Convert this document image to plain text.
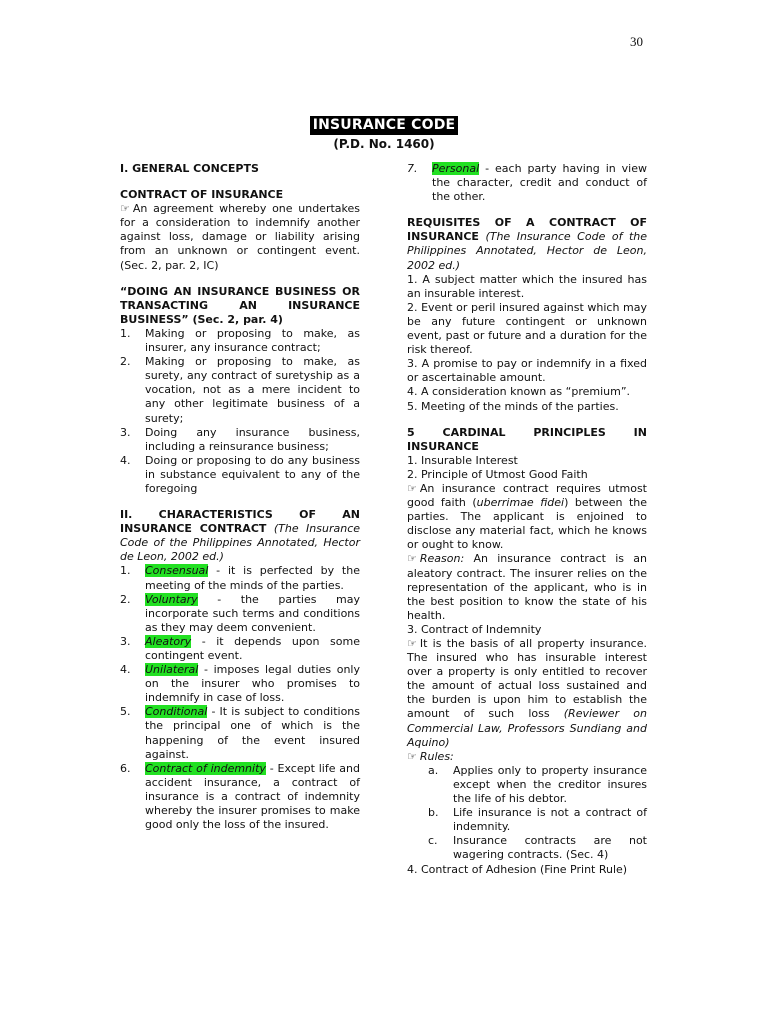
30
INSURANCE CODE
(P.D. No. 1460)

I. GENERAL CONCEPTS

CONTRACT OF INSURANCE

☞ An agreement whereby one undertakes for a consideration to indemnify another against loss, damage or liability arising from an unknown or contingent event. (Sec. 2, par. 2, IC)

“DOING AN INSURANCE BUSINESS OR TRANSACTING AN INSURANCE BUSINESS” (Sec. 2, par. 4)

1. Making or proposing to make, as insurer, any insurance contract;
2. Making or proposing to make, as surety, any contract of suretyship as a vocation, not as a mere incident to any other legitimate business of a surety;
3. Doing any insurance business, including a reinsurance business;
4. Doing or proposing to do any business in substance equivalent to any of the foregoing

II. CHARACTERISTICS OF AN INSURANCE CONTRACT (The Insurance Code of the Philippines Annotated, Hector de Leon, 2002 ed.)

1. Consensual - it is perfected by the meeting of the minds of the parties.
2. Voluntary - the parties may incorporate such terms and conditions as they may deem convenient.
3. Aleatory - it depends upon some contingent event.
4. Unilateral - imposes legal duties only on the insurer who promises to indemnify in case of loss.
5. Conditional - It is subject to conditions the principal one of which is the happening of the event insured against.
6. Contract of indemnity - Except life and accident insurance, a contract of insurance is a contract of indemnity whereby the insurer promises to make good only the loss of the insured.
7. Personal - each party having in view the character, credit and conduct of the other.

REQUISITES OF A CONTRACT OF INSURANCE (The Insurance Code of the Philippines Annotated, Hector de Leon, 2002 ed.)

1. A subject matter which the insured has an insurable interest.

2. Event or peril insured against which may be any future contingent or unknown event, past or future and a duration for the risk thereof.

3. A promise to pay or indemnify in a fixed or ascertainable amount.

4. A consideration known as “premium”.

5. Meeting of the minds of the parties.

5 CARDINAL PRINCIPLES IN INSURANCE

1. Insurable Interest

2. Principle of Utmost Good Faith

☞ An insurance contract requires utmost good faith (uberrimae fidei) between the parties. The applicant is enjoined to disclose any material fact, which he knows or ought to know.

☞ Reason: An insurance contract is an aleatory contract. The insurer relies on the representation of the applicant, who is in the best position to know the state of his health.

3. Contract of Indemnity

☞ It is the basis of all property insurance. The insured who has insurable interest over a property is only entitled to recover the amount of actual loss sustained and the burden is upon him to establish the amount of such loss (Reviewer on Commercial Law, Professors Sundiang and Aquino)

☞ Rules:

a. Applies only to property insurance except when the creditor insures the life of his debtor.
b. Life insurance is not a contract of indemnity.
c. Insurance contracts are not wagering contracts. (Sec. 4)

4. Contract of Adhesion (Fine Print Rule)
